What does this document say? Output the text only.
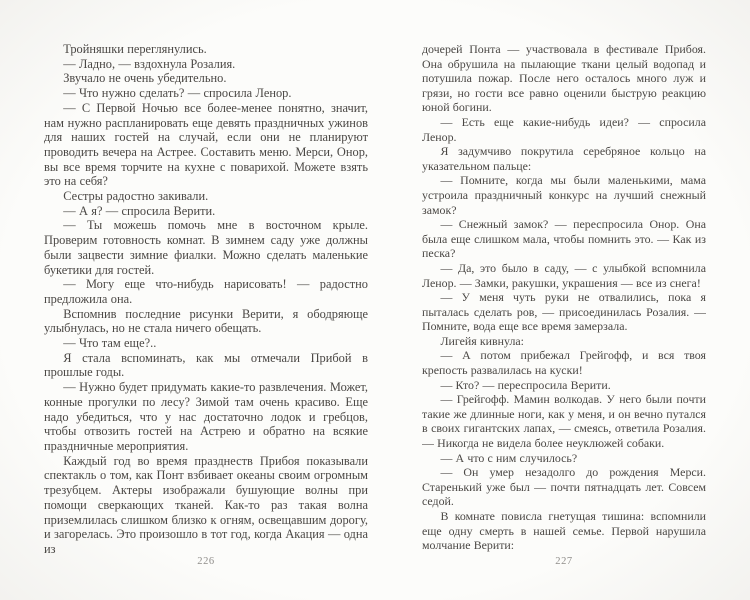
Тройняшки переглянулись.

— Ладно, — вздохнула Розалия.

Звучало не очень убедительно.

— Что нужно сделать? — спросила Ленор.

— С Первой Ночью все более-менее понятно, значит, нам нужно распланировать еще девять праздничных ужинов для наших гостей на случай, если они не планируют проводить вечера на Астрее. Составить меню. Мерси, Онор, вы все время торчите на кухне с поварихой. Можете взять это на себя?

Сестры радостно закивали.

— А я? — спросила Верити.

— Ты можешь помочь мне в восточном крыле. Проверим готовность комнат. В зимнем саду уже должны были зацвести зимние фиалки. Можно сделать маленькие букетики для гостей.

— Могу еще что-нибудь нарисовать! — радостно предложила она.

Вспомнив последние рисунки Верити, я ободряюще улыбнулась, но не стала ничего обещать.

— Что там еще?..

Я стала вспоминать, как мы отмечали Прибой в прошлые годы.

— Нужно будет придумать какие-то развлечения. Может, конные прогулки по лесу? Зимой там очень красиво. Еще надо убедиться, что у нас достаточно лодок и гребцов, чтобы отвозить гостей на Астрею и обратно на всякие праздничные мероприятия.

Каждый год во время празднеств Прибоя показывали спектакль о том, как Понт взбивает океаны своим огромным трезубцем. Актеры изображали бушующие волны при помощи сверкающих тканей. Как-то раз такая волна приземлилась слишком близко к огням, освещавшим дорогу, и загорелась. Это произошло в тот год, когда Акация — одна из

226

дочерей Понта — участвовала в фестивале Прибоя. Она обрушила на пылающие ткани целый водопад и потушила пожар. После него осталось много луж и грязи, но гости все равно оценили быструю реакцию юной богини.

— Есть еще какие-нибудь идеи? — спросила Ленор.

Я задумчиво покрутила серебряное кольцо на указательном пальце:

— Помните, когда мы были маленькими, мама устроила праздничный конкурс на лучший снежный замок?

— Снежный замок? — переспросила Онор. Она была еще слишком мала, чтобы помнить это. — Как из песка?

— Да, это было в саду, — с улыбкой вспомнила Ленор. — Замки, ракушки, украшения — все из снега!

— У меня чуть руки не отвалились, пока я пыталась сделать ров, — присоединилась Розалия. — Помните, вода еще все время замерзала.

Лигейя кивнула:

— А потом прибежал Грейгофф, и вся твоя крепость развалилась на куски!

— Кто? — переспросила Верити.

— Грейгофф. Мамин волкодав. У него были почти такие же длинные ноги, как у меня, и он вечно путался в своих гигантских лапах, — смеясь, ответила Розалия. — Никогда не видела более неуклюжей собаки.

— А что с ним случилось?

— Он умер незадолго до рождения Мерси. Старенький уже был — почти пятнадцать лет. Совсем седой.

В комнате повисла гнетущая тишина: вспомнили еще одну смерть в нашей семье. Первой нарушила молчание Верити:

227
